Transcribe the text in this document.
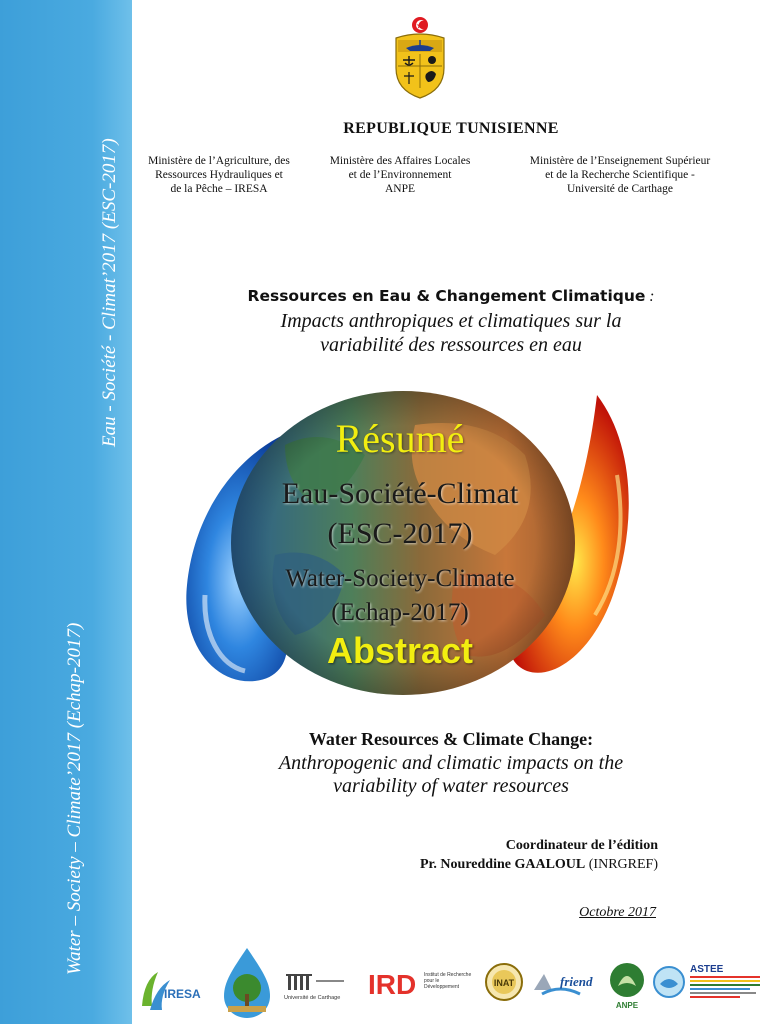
Water – Society – Climate’2017 (Echap-2017)
Eau - Société - Climat’2017 (ESC-2017)
REPUBLIQUE TUNISIENNE
Ministère de l’Agriculture, des
Ressources Hydrauliques et
de la Pêche – IRESA
Ministère des Affaires Locales
et de l’Environnement
ANPE
Ministère de l’Enseignement Supérieur
et de la Recherche Scientifique -
Université de Carthage
Ressources en Eau & Changement Climatique :
Impacts anthropiques et climatiques sur la
variabilité des ressources en eau
Résumé
Eau-Société-Climat
(ESC-2017)
Water-Society-Climate
(Echap-2017)
Abstract
Water Resources & Climate Change:
Anthropogenic and climatic impacts on the
variability of water resources
Coordinateur de l’édition
Pr. Noureddine GAALOUL (INRGREF)
Octobre 2017
IRESA	Université de Carthage IRD Institut de Recherche pour le Développement	INAT	friend
ANPE
ASTEE
